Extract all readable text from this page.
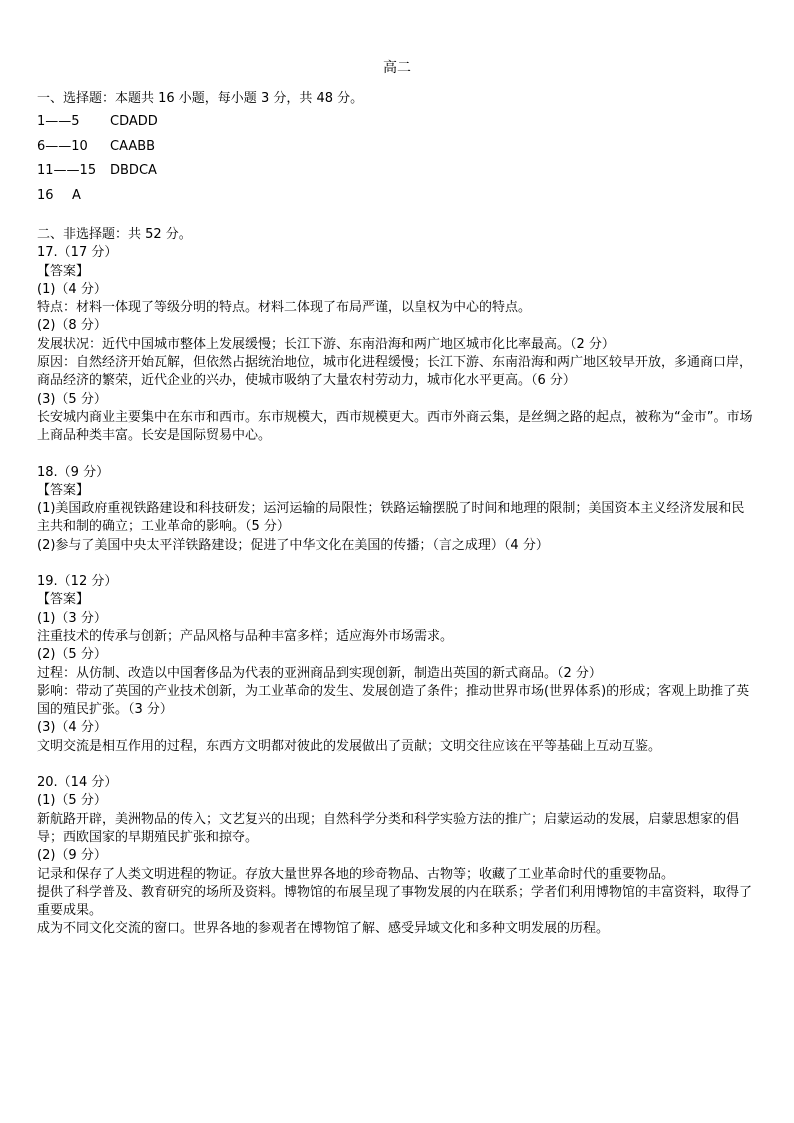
高二
一、选择题：本题共 16 小题，每小题 3 分，共 48 分。
1——5 CDADD
6——10 CAABB
11——15 DBDCA
16 A

二、非选择题：共 52 分。

17.（17 分）

【答案】

(1)（4 分）

特点：材料一体现了等级分明的特点。材料二体现了布局严谨，以皇权为中心的特点。

(2)（8 分）

发展状况：近代中国城市整体上发展缓慢；长江下游、东南沿海和两广地区城市化比率最高。（2 分）

原因：自然经济开始瓦解，但依然占据统治地位，城市化进程缓慢；长江下游、东南沿海和两广地区较早开放，多通商口岸，商品经济的繁荣，近代企业的兴办，使城市吸纳了大量农村劳动力，城市化水平更高。（6 分）

(3)（5 分）

长安城内商业主要集中在东市和西市。东市规模大，西市规模更大。西市外商云集，是丝绸之路的起点，被称为“金市”。市场上商品种类丰富。长安是国际贸易中心。

18.（9 分）

【答案】

(1)美国政府重视铁路建设和科技研发；运河运输的局限性；铁路运输摆脱了时间和地理的限制；美国资本主义经济发展和民主共和制的确立；工业革命的影响。（5 分）

(2)参与了美国中央太平洋铁路建设；促进了中华文化在美国的传播；（言之成理）（4 分）

19.（12 分）

【答案】

(1)（3 分）

注重技术的传承与创新；产品风格与品种丰富多样；适应海外市场需求。

(2)（5 分）

过程：从仿制、改造以中国奢侈品为代表的亚洲商品到实现创新，制造出英国的新式商品。（2 分）

影响：带动了英国的产业技术创新，为工业革命的发生、发展创造了条件；推动世界市场(世界体系)的形成；客观上助推了英国的殖民扩张。（3 分）

(3)（4 分）

文明交流是相互作用的过程，东西方文明都对彼此的发展做出了贡献；文明交往应该在平等基础上互动互鉴。

20.（14 分）

(1)（5 分）

新航路开辟，美洲物品的传入；文艺复兴的出现；自然科学分类和科学实验方法的推广；启蒙运动的发展，启蒙思想家的倡导；西欧国家的早期殖民扩张和掠夺。

(2)（9 分）

记录和保存了人类文明进程的物证。存放大量世界各地的珍奇物品、古物等；收藏了工业革命时代的重要物品。

提供了科学普及、教育研究的场所及资料。博物馆的布展呈现了事物发展的内在联系；学者们利用博物馆的丰富资料，取得了重要成果。

成为不同文化交流的窗口。世界各地的参观者在博物馆了解、感受异域文化和多种文明发展的历程。
